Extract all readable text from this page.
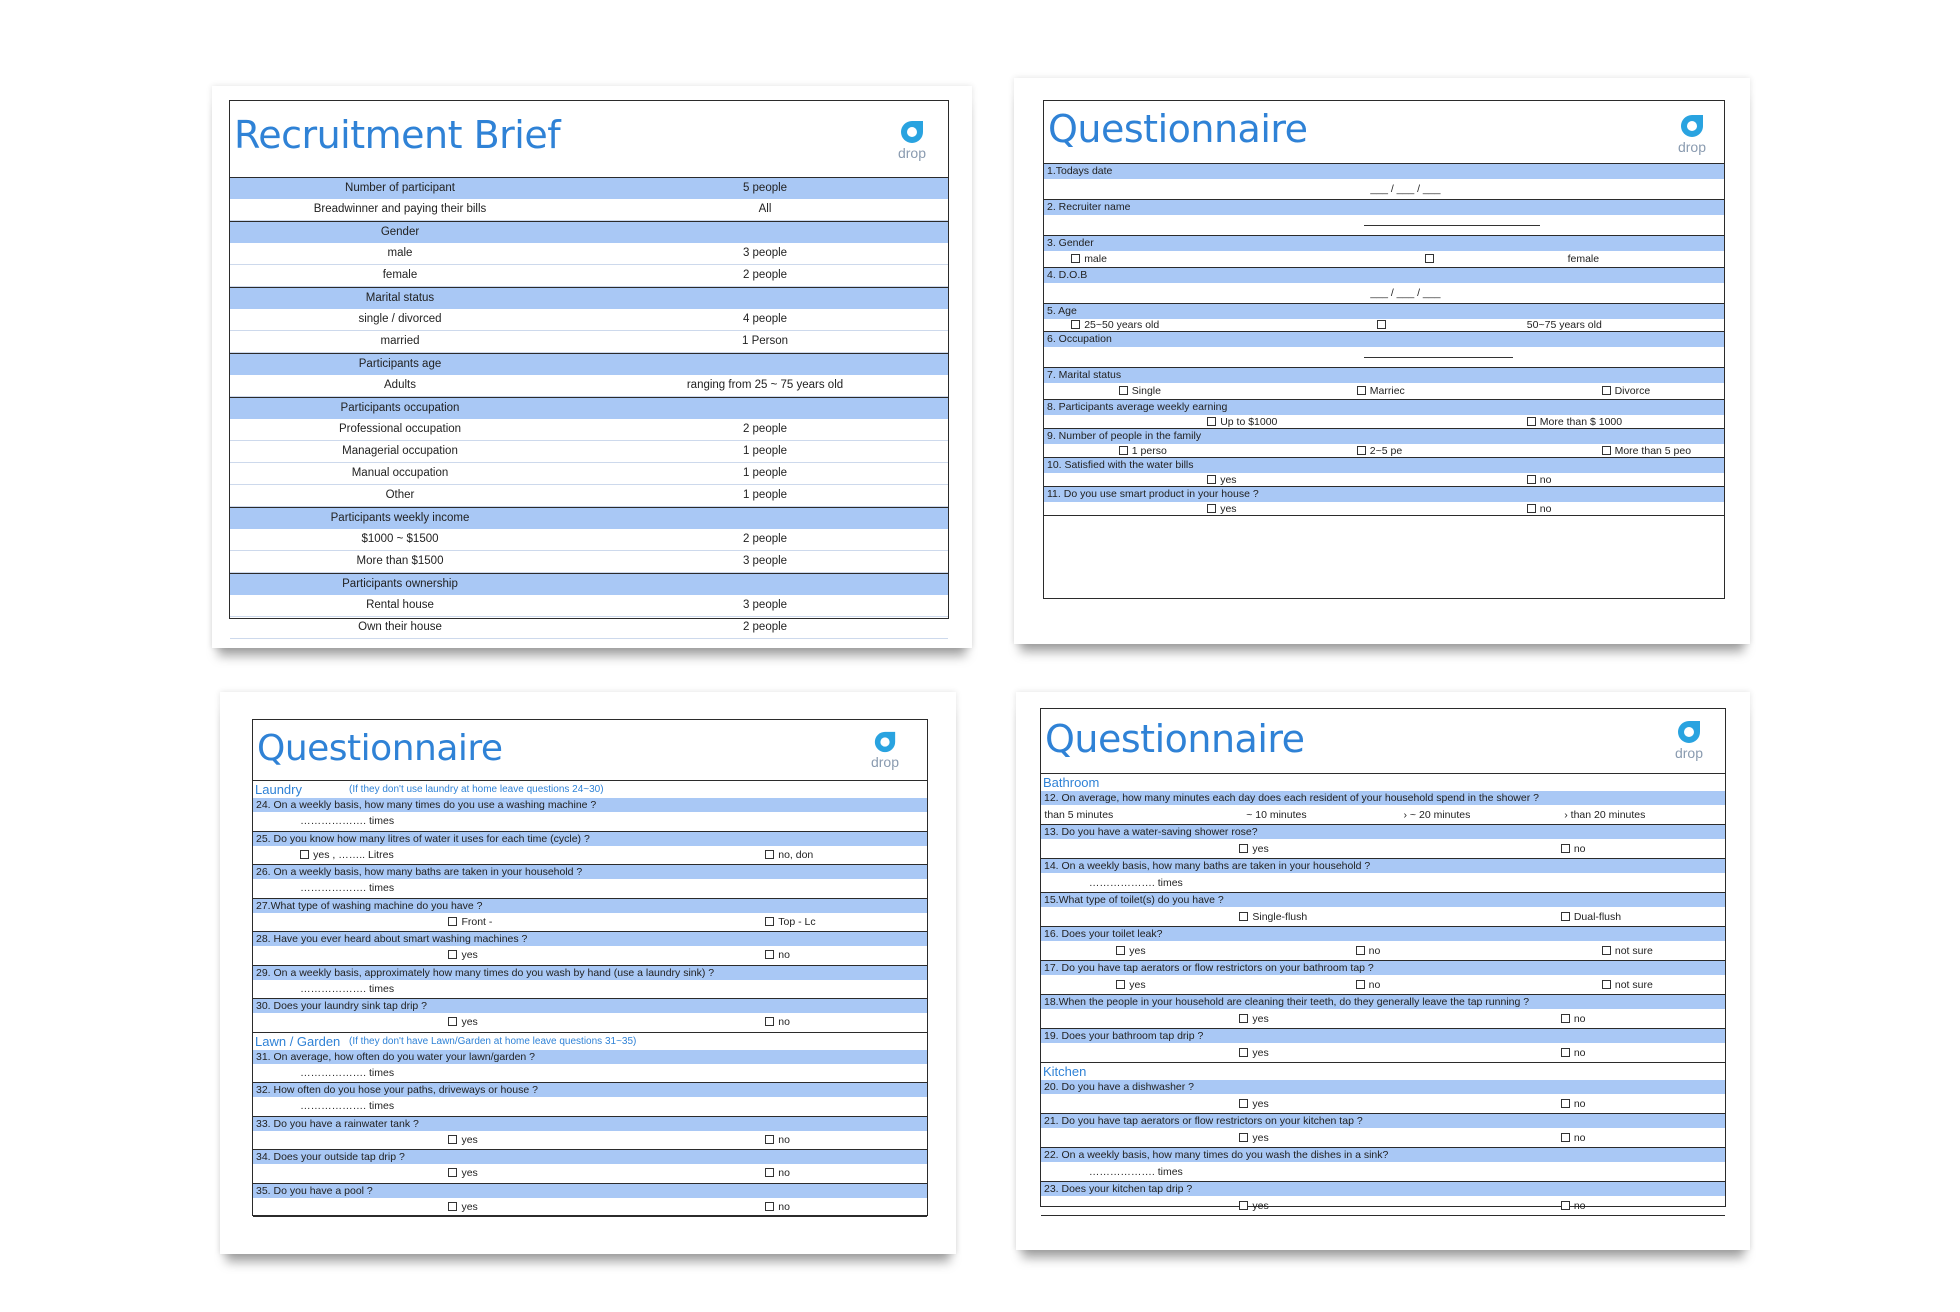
Recruitment Brief	drop
Number of participant	5 people
Breadwinner and paying their bills	All
Gender
male	3 people
female	2 people
Marital status
single / divorced	4 people
married	1 Person
Participants age
Adults	ranging from 25 ~ 75 years old
Participants occupation
Professional occupation	2 people
Managerial occupation	1 people
Manual occupation	1 people
Other	1 people
Participants weekly income
$1000 ~ $1500	2 people
More than $1500	3 people
Participants ownership
Rental house	3 people
Own their house	2 people
Questionnaire	drop
1.Todays date
___ / ___ / ___
2. Recruiter name
3. Gender
male	female
4. D.O.B
___ / ___ / ___
5. Age
25~50 years old	50~75 years old
6. Occupation
7. Marital status
Single	Marriec	Divorce
8. Participants average weekly earning
Up to $1000	More than $ 1000
9. Number of people in the family
1 perso	2~5 pe	More than 5 peo
10. Satisfied with the water bills
yes	no
11. Do you use smart product in your house ?
yes	no
Questionnaire	drop
Laundry	(If they don't use laundry at home leave questions 24~30)
24. On a weekly basis, how many times do you use a washing machine ?
………………. times
25. Do you know how many litres of water it uses for each time (cycle) ?
yes , …….. Litres	no, don
26. On a weekly basis, how many baths are taken in your household ?
………………. times
27.What type of washing machine do you have ?
Front -	Top - Lc
28. Have you ever heard about smart washing machines ?
yes	no
29. On a weekly basis, approximately how many times do you wash by hand (use a laundry sink) ?
………………. times
30. Does your laundry sink tap drip ?
yes	no
Lawn / Garden (If they don't have Lawn/Garden at home leave questions 31~35)
31. On average, how often do you water your lawn/garden ?
………………. times
32. How often do you hose your paths, driveways or house ?
………………. times
33. Do you have a rainwater tank ?
yes	no
34. Does your outside tap drip ?
yes	no
35. Do you have a pool ?
yes	no
Questionnaire	drop
Bathroom
12. On average, how many minutes each day does each resident of your household spend in the shower ?
than 5 minutes	~ 10 minutes	› ~ 20 minutes	› than 20 minutes
13. Do you have a water-saving shower rose?
yes	no
14. On a weekly basis, how many baths are taken in your household ?
………………. times
15.What type of toilet(s) do you have ?
Single-flush	Dual-flush
16. Does your toilet leak?
yes	no	not sure
17. Do you have tap aerators or flow restrictors on your bathroom tap ?
yes	no	not sure
18.When the people in your household are cleaning their teeth, do they generally leave the tap running ?
yes	no
19. Does your bathroom tap drip ?
yes	no
Kitchen
20. Do you have a dishwasher ?
yes	no
21. Do you have tap aerators or flow restrictors on your kitchen tap ?
yes	no
22. On a weekly basis, how many times do you wash the dishes in a sink?
………………. times
23. Does your kitchen tap drip ?
yes	no
